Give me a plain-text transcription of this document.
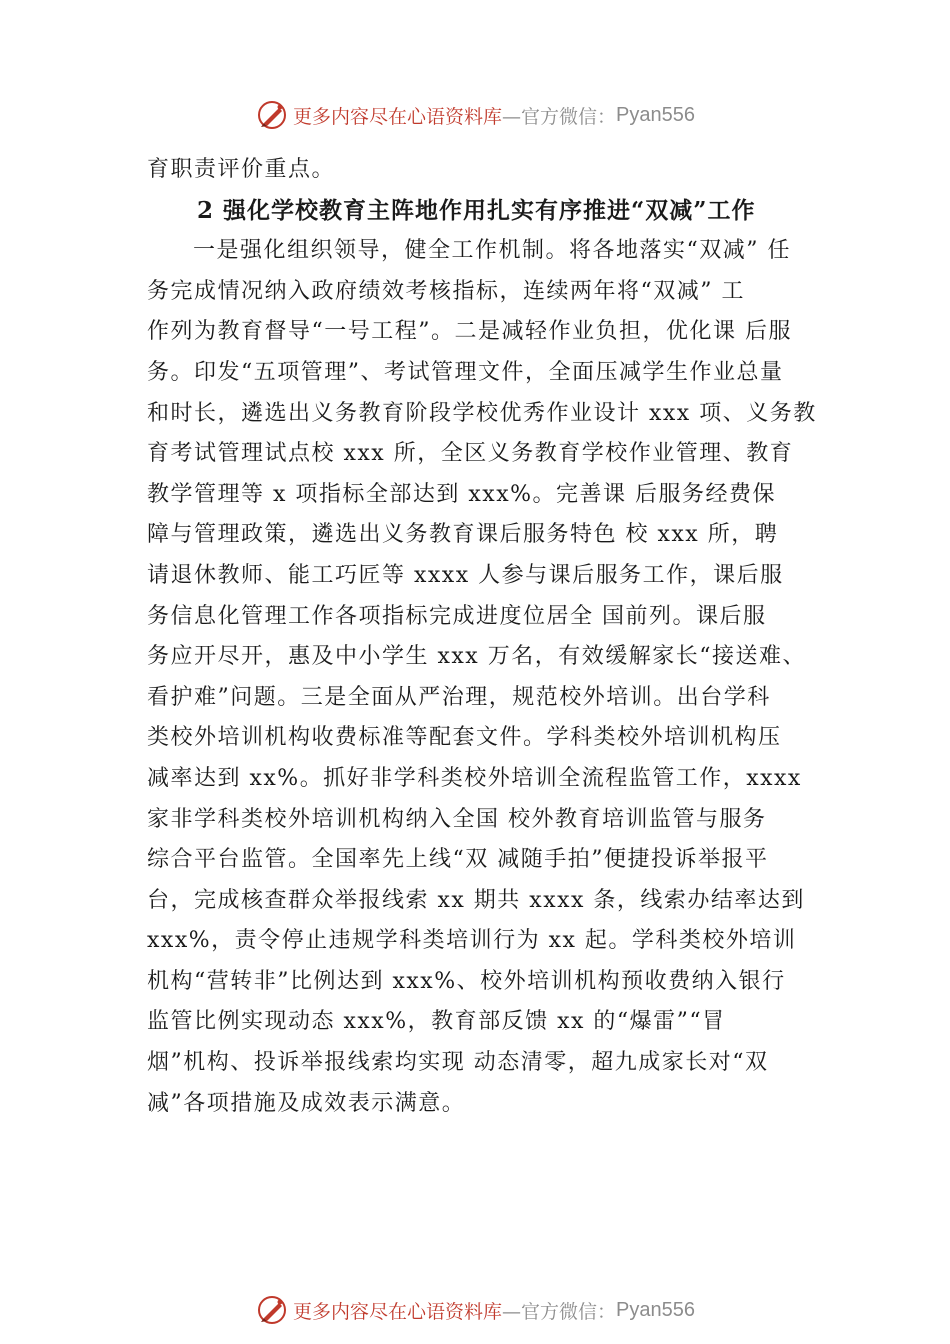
更多内容尽在心语资料库 —官方微信： Pyan556
育职责评价重点。
2 强化学校教育主阵地作用扎实有序推进“双减”工作
一是强化组织领导，健全工作机制。将各地落实“双减” 任
务完成情况纳入政府绩效考核指标，连续两年将“双减” 工
作列为教育督导“一号工程”。二是减轻作业负担，优化课 后服
务。印发“五项管理”、考试管理文件，全面压减学生作业总量
和时长，遴选出义务教育阶段学校优秀作业设计 xxx 项、义务教
育考试管理试点校 xxx 所，全区义务教育学校作业管理、教育
教学管理等 x 项指标全部达到 xxx%。完善课 后服务经费保
障与管理政策，遴选出义务教育课后服务特色 校 xxx 所，聘
请退休教师、能工巧匠等 xxxx 人参与课后服务工作，课后服
务信息化管理工作各项指标完成进度位居全 国前列。课后服
务应开尽开，惠及中小学生 xxx 万名，有效缓解家长“接送难、
看护难”问题。三是全面从严治理，规范校外培训。出台学科
类校外培训机构收费标准等配套文件。学科类校外培训机构压
减率达到 xx%。抓好非学科类校外培训全流程监管工作，xxxx
家非学科类校外培训机构纳入全国 校外教育培训监管与服务
综合平台监管。全国率先上线“双 减随手拍”便捷投诉举报平
台，完成核查群众举报线索 xx 期共 xxxx 条，线索办结率达到
xxx%，责令停止违规学科类培训行为 xx 起。学科类校外培训
机构“营转非”比例达到 xxx%、校外培训机构预收费纳入银行
监管比例实现动态 xxx%，教育部反馈 xx 的“爆雷”“冒
烟”机构、投诉举报线索均实现 动态清零，超九成家长对“双
减”各项措施及成效表示满意。
更多内容尽在心语资料库 —官方微信： Pyan556
